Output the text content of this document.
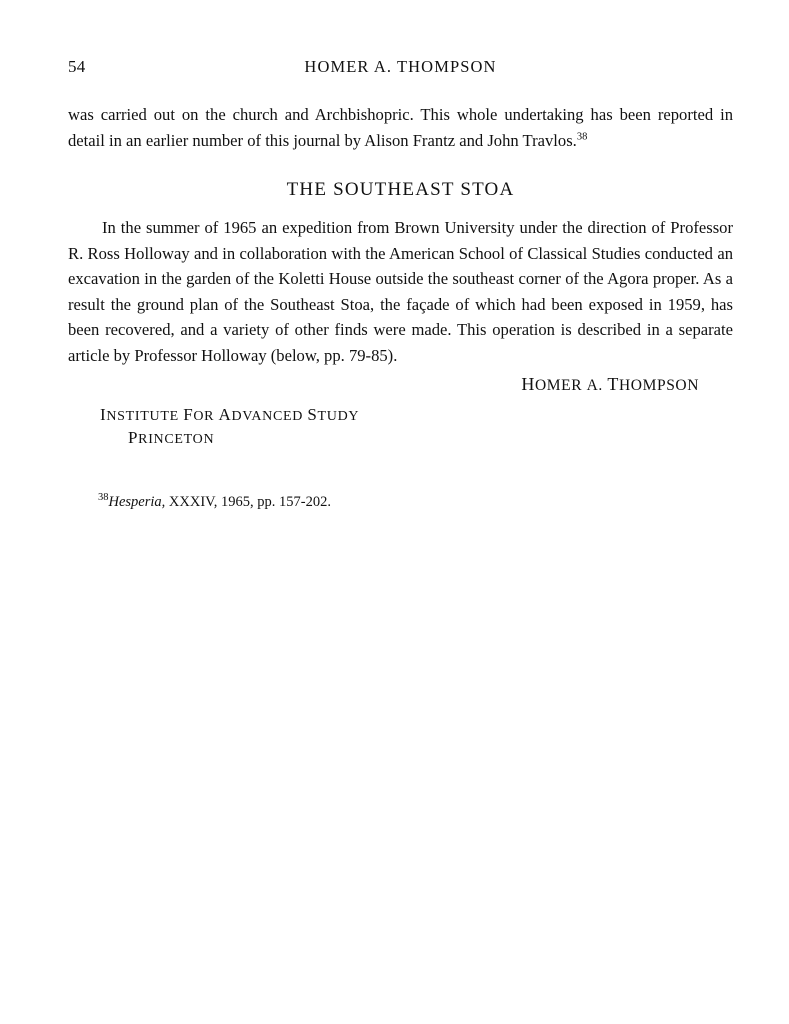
54	HOMER A. THOMPSON

was carried out on the church and Archbishopric. This whole undertaking has been reported in detail in an earlier number of this journal by Alison Frantz and John Travlos.$^{38}$

THE SOUTHEAST STOA

In the summer of 1965 an expedition from Brown University under the direction of Professor R. Ross Holloway and in collaboration with the American School of Classical Studies conducted an excavation in the garden of the Koletti House outside the southeast corner of the Agora proper. As a result the ground plan of the Southeast Stoa, the façade of which had been exposed in 1959, has been recovered, and a variety of other finds were made. This operation is described in a separate article by Professor Holloway (below, pp. 79-85).

HOMER A. THOMPSON
INSTITUTE FOR ADVANCED STUDY
PRINCETON
$^{38}$Hesperia, XXXIV, 1965, pp. 157-202.
